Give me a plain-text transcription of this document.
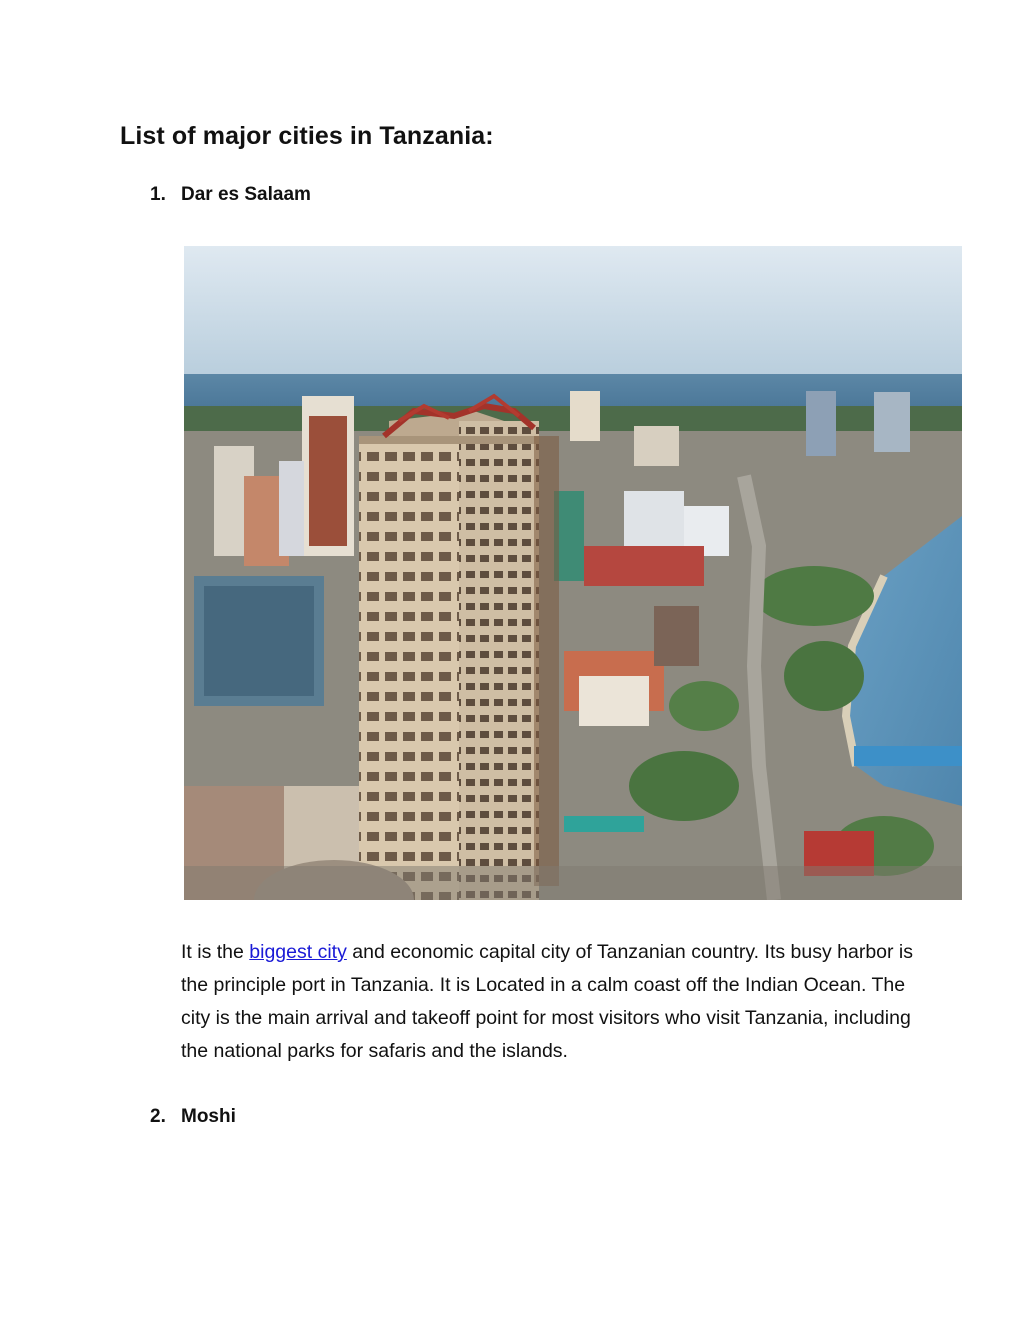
List of major cities in Tanzania:
1. Dar es Salaam

It is the biggest city and economic capital city of Tanzanian country. Its busy harbor is the principle port in Tanzania. It is Located in a calm coast off the Indian Ocean. The city is the main arrival and takeoff point for most visitors who visit Tanzania, including the national parks for safaris and the islands.

2. Moshi
